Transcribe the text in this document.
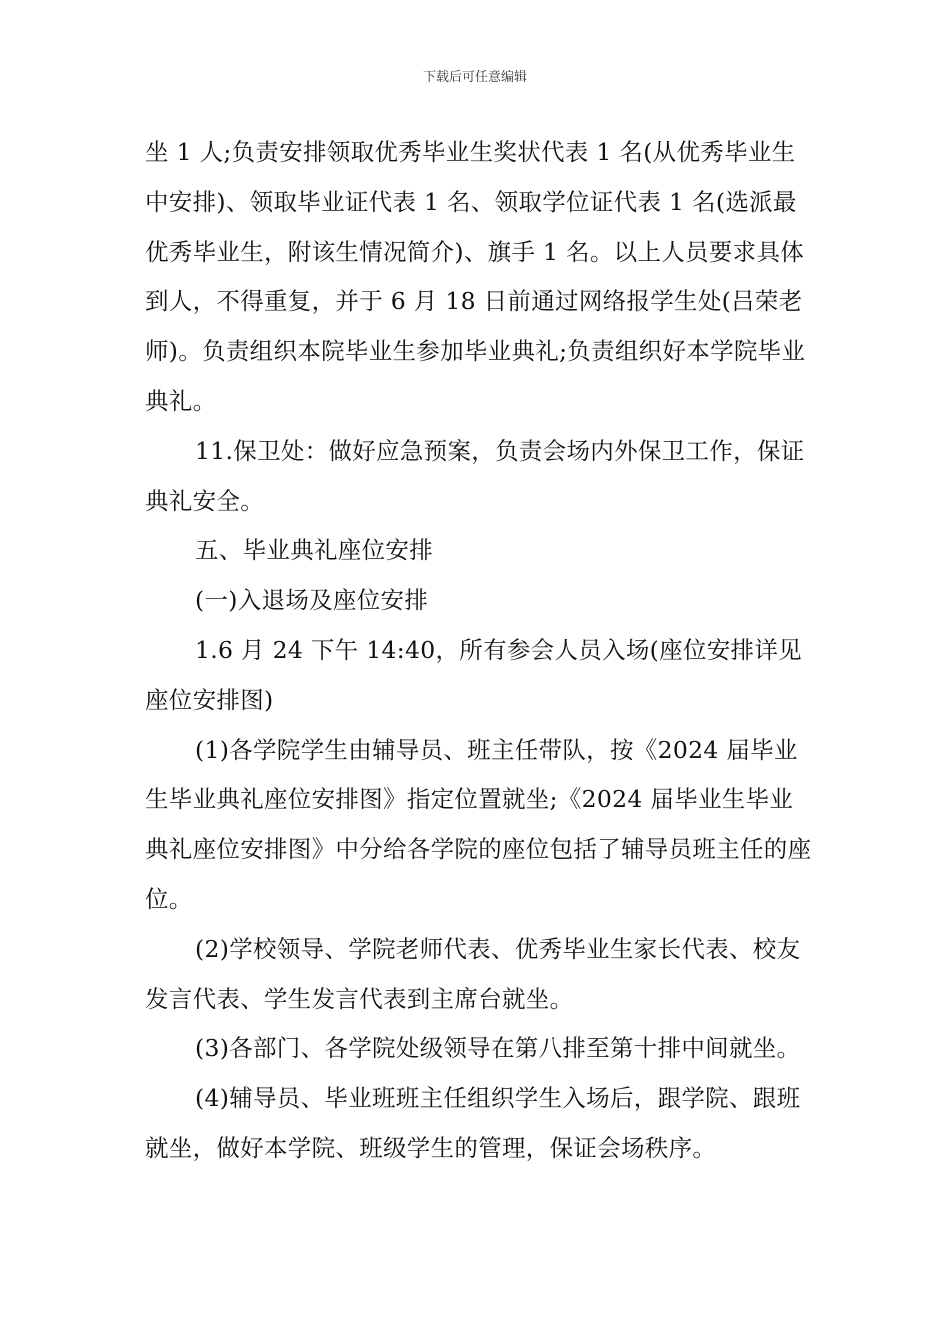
下载后可任意编辑

坐 1 人;负责安排领取优秀毕业生奖状代表 1 名(从优秀毕业生中安排)、领取毕业证代表 1 名、领取学位证代表 1 名(选派最优秀毕业生，附该生情况简介)、旗手 1 名。以上人员要求具体到人，不得重复，并于 6 月 18 日前通过网络报学生处(吕荣老师)。负责组织本院毕业生参加毕业典礼;负责组织好本学院毕业典礼。

11.保卫处：做好应急预案，负责会场内外保卫工作，保证典礼安全。

五、毕业典礼座位安排

(一)入退场及座位安排

1.6 月 24 下午 14:40，所有参会人员入场(座位安排详见座位安排图)

(1)各学院学生由辅导员、班主任带队，按《2024 届毕业生毕业典礼座位安排图》指定位置就坐;《2024 届毕业生毕业典礼座位安排图》中分给各学院的座位包括了辅导员班主任的座位。

(2)学校领导、学院老师代表、优秀毕业生家长代表、校友发言代表、学生发言代表到主席台就坐。

(3)各部门、各学院处级领导在第八排至第十排中间就坐。

(4)辅导员、毕业班班主任组织学生入场后，跟学院、跟班就坐，做好本学院、班级学生的管理，保证会场秩序。
